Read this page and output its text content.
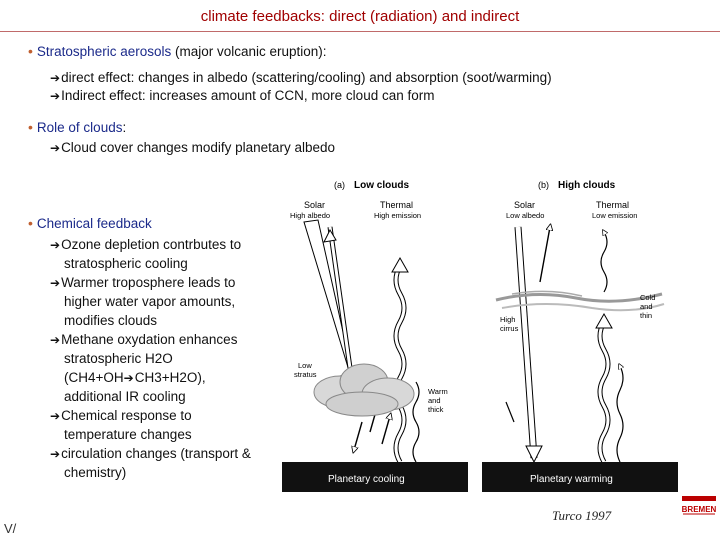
climate feedbacks: direct (radiation) and indirect
• Stratospheric aerosols (major volcanic eruption):
➔direct effect: changes in albedo (scattering/cooling) and absorption (soot/warming)
➔Indirect effect: increases amount of CCN, more cloud can form
• Role of clouds:
➔Cloud cover changes modify planetary albedo
• Chemical feedback
➔Ozone depletion contrbutes to
stratospheric cooling
➔Warmer troposphere leads to
higher water vapor amounts,
modifies clouds
➔Methane oxydation enhances
stratospheric H2O
(CH4+OH➔CH3+H2O),
additional IR cooling
➔Chemical response to
temperature changes
➔circulation changes (transport &
chemistry)
(a) Low clouds
Solar
High albedo
Thermal
High emission
Low stratus
Warm and thick
Planetary cooling
(b) High clouds
Solar
Low albedo
Thermal
Low emission
High cirrus
Cold and thin
Planetary warming
V/
Turco 1997	BREMEN
